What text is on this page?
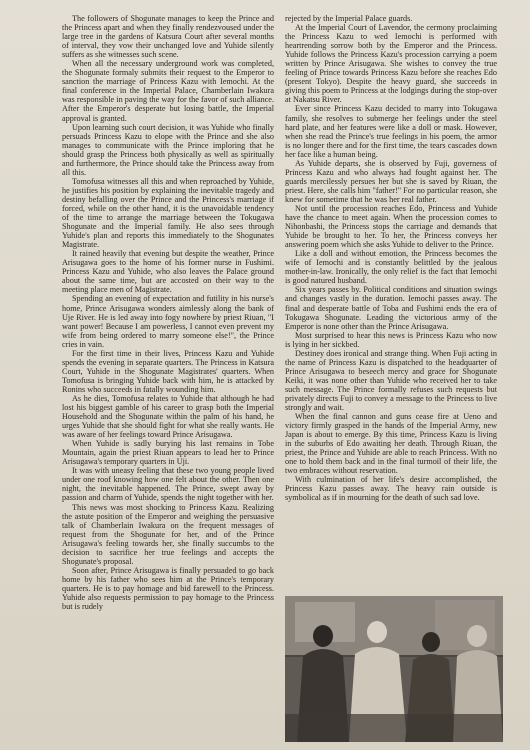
The followers of Shogunate manages to keep the Prince and the Princess apart and when they finally rendezvoused under the large tree in the gardens of Katsura Court after several months of interval, they vow their unchanged love and Yuhide silently suffers as she witnesses such scene.

When all the necessary underground work was completed, the Shogunate formaly submits their request to the Emperor to sanction the marriage of Princess Kazu with Iemochi. At the final conference in the Imperial Palace, Chamberlain Iwakura was responsible in paving the way for the favor of such alliance. After the Emperor's desperate but losing battle, the Imperial approval is granted.

Upon learning such court decision, it was Yuhide who finally persuads Princess Kazu to elope with the Prince and she also manages to communicate with the Prince imploring that he should grasp the Princess both physically as well as spiritually and furthermore, the Prince should take the Princess away from all this.

Tomofusa witnesses all this and when reproached by Yuhide, he justifies his position by explaining the inevitable tragedy and destiny befalling over the Prince and the Princess's marriage if forced, while on the other hand, it is the unavoidable tendency of the time to arrange the marriage between the Tokugawa Shogunate and the Imperial family. He also sees through Yuhide's plan and reports this immediately to the Shogunates Magistrate.

It rained heavily that evening but despite the weather, Prince Arisugawa goes to the home of his former nurse in Fushimi. Princess Kazu and Yuhide, who also leaves the Palace ground about the same time, but are accosted on their way to the meeting place men of Magistrate.

Spending an evening of expectation and futility in his nurse's home, Prince Arisugawa wonders aimlessly along the bank of Uje River. He is led away into fogy nowhere by priest Riuan, "I want power! Because I am powerless, I cannot even prevent my wife from being ordered to marry someone else!", the Prince cries in vain.

For the first time in their lives, Princess Kazu and Yuhide spends the evening in separate quarters. The Princess in Katsura Court, Yuhide in the Shogunate Magistrates' quarters. When Tomofusa is bringing Yuhide back with him, he is attacked by Ronins who succeeds in fatally wounding him.

As he dies, Tomofusa relates to Yuhide that although he had lost his biggest gamble of his career to grasp both the Imperial Household and the Shogunate within the palm of his hand, he urges Yuhide that she should fight for what she really wants. He was aware of her feelings toward Prince Arisugawa.

When Yuhide is sadly burying his last remains in Tobe Mountain, again the priest Riuan appears to lead her to Prince Arisugawa's temporary quarters in Uji.

It was with uneasy feeling that these two young people lived under one roof knowing how one felt about the other. Then one night, the inevitable happened. The Prince, swept away by passion and charm of Yuhide, spends the night together with her.

This news was most shocking to Princess Kazu. Realizing the astute position of the Emperor and weighing the persuasive talk of Chamberlain Iwakura on the frequent messages of request from the Shogunate for her, and of the Prince Arisugawa's feeling towards her, she finally succumbs to the decision to sacrifice her true feelings and accepts the Shogunate's proposal.

Soon after, Prince Arisugawa is finally persuaded to go back home by his father who sees him at the Prince's temporary quarters. He is to pay homage and bid farewell to the Princess. Yuhide also requests permission to pay homage to the Princess but is rudely

rejected by the Imperial Palace guards.

At the Imperial Court of Lavendor, the cermony proclaiming the Princess Kazu to wed Iemochi is performed with heartrending sorrow both by the Emperor and the Princess. Yuhide follows the Princess Kazu's procession carrying a poem written by Prince Arisugawa. She wishes to convey the true feeling of Prince towards Princess Kazu before she reaches Edo (present Tokyo). Despite the heavy guard, she succeeds in giving this poem to Princess at the lodgings during the stop-over at Nakatsu River.

Ever since Princess Kazu decided to marry into Tokugawa family, she resolves to submerge her feelings under the steel hard plate, and her features were like a doll or mask. However, when she read the Prince's true feelings in his poem, the armor is no longer there and for the first time, the tears cascades down her face like a human being.

As Yuhide departs, she is observed by Fuji, governess of Princess Kazu and who always had fought against her. The guards mercilessly persues her but she is saved by Riuan, the priest. Here, she calls him "father!" For no particular reason, she knew for sometime that he was her real father.

Not until the procession reaches Edo, Princess and Yuhide have the chance to meet again. When the procession comes to Nihonbashi, the Princess stops the carriage and demands that Yuhide be brought to her. To her, the Princess conveys her answering poem which she asks Yuhide to deliver to the Prince.

Like a doll and without emotion, the Princess becomes the wife of Iemochi and is constantly belittled by the jealous mother-in-law. Ironically, the only relief is the fact that Iemochi is good natured husband.

Six years passes by. Political conditions and situation swings and changes vastly in the duration. Iemochi passes away. The final and desperate battle of Toba and Fushimi ends the era of Tokugawa Shogunate. Leading the victorious army of the Emperor is none other than the Prince Arisugawa.

Most surprised to hear this news is Princess Kazu who now is lying in her sickbed.

Destiney does ironical and strange thing. When Fuji acting in the name of Princess Kazu is dispatched to the headquarter of Prince Arisugawa to beseech mercy and grace for Shogunate Keiki, it was none other than Yuhide who received her to take such message. The Prince formally refuses such requests but privately directs Fuji to convey a message to the Princess to live strongly and wait.

When the final cannon and guns cease fire at Ueno and victory firmly grasped in the hands of the Imperial Army, new Japan is about to emerge. By this time, Princess Kazu is living in the suburbs of Edo awaiting her death. Through Riuan, the priest, the Prince and Yuhide are able to reach Princess. With no one to hold them back and in the final turmoil of their life, the two embraces without reservation.

With culmination of her life's desire accomplished, the Princess Kazu passes away. The heavy rain outside is symbolical as if in mourning for the death of such sad love.
